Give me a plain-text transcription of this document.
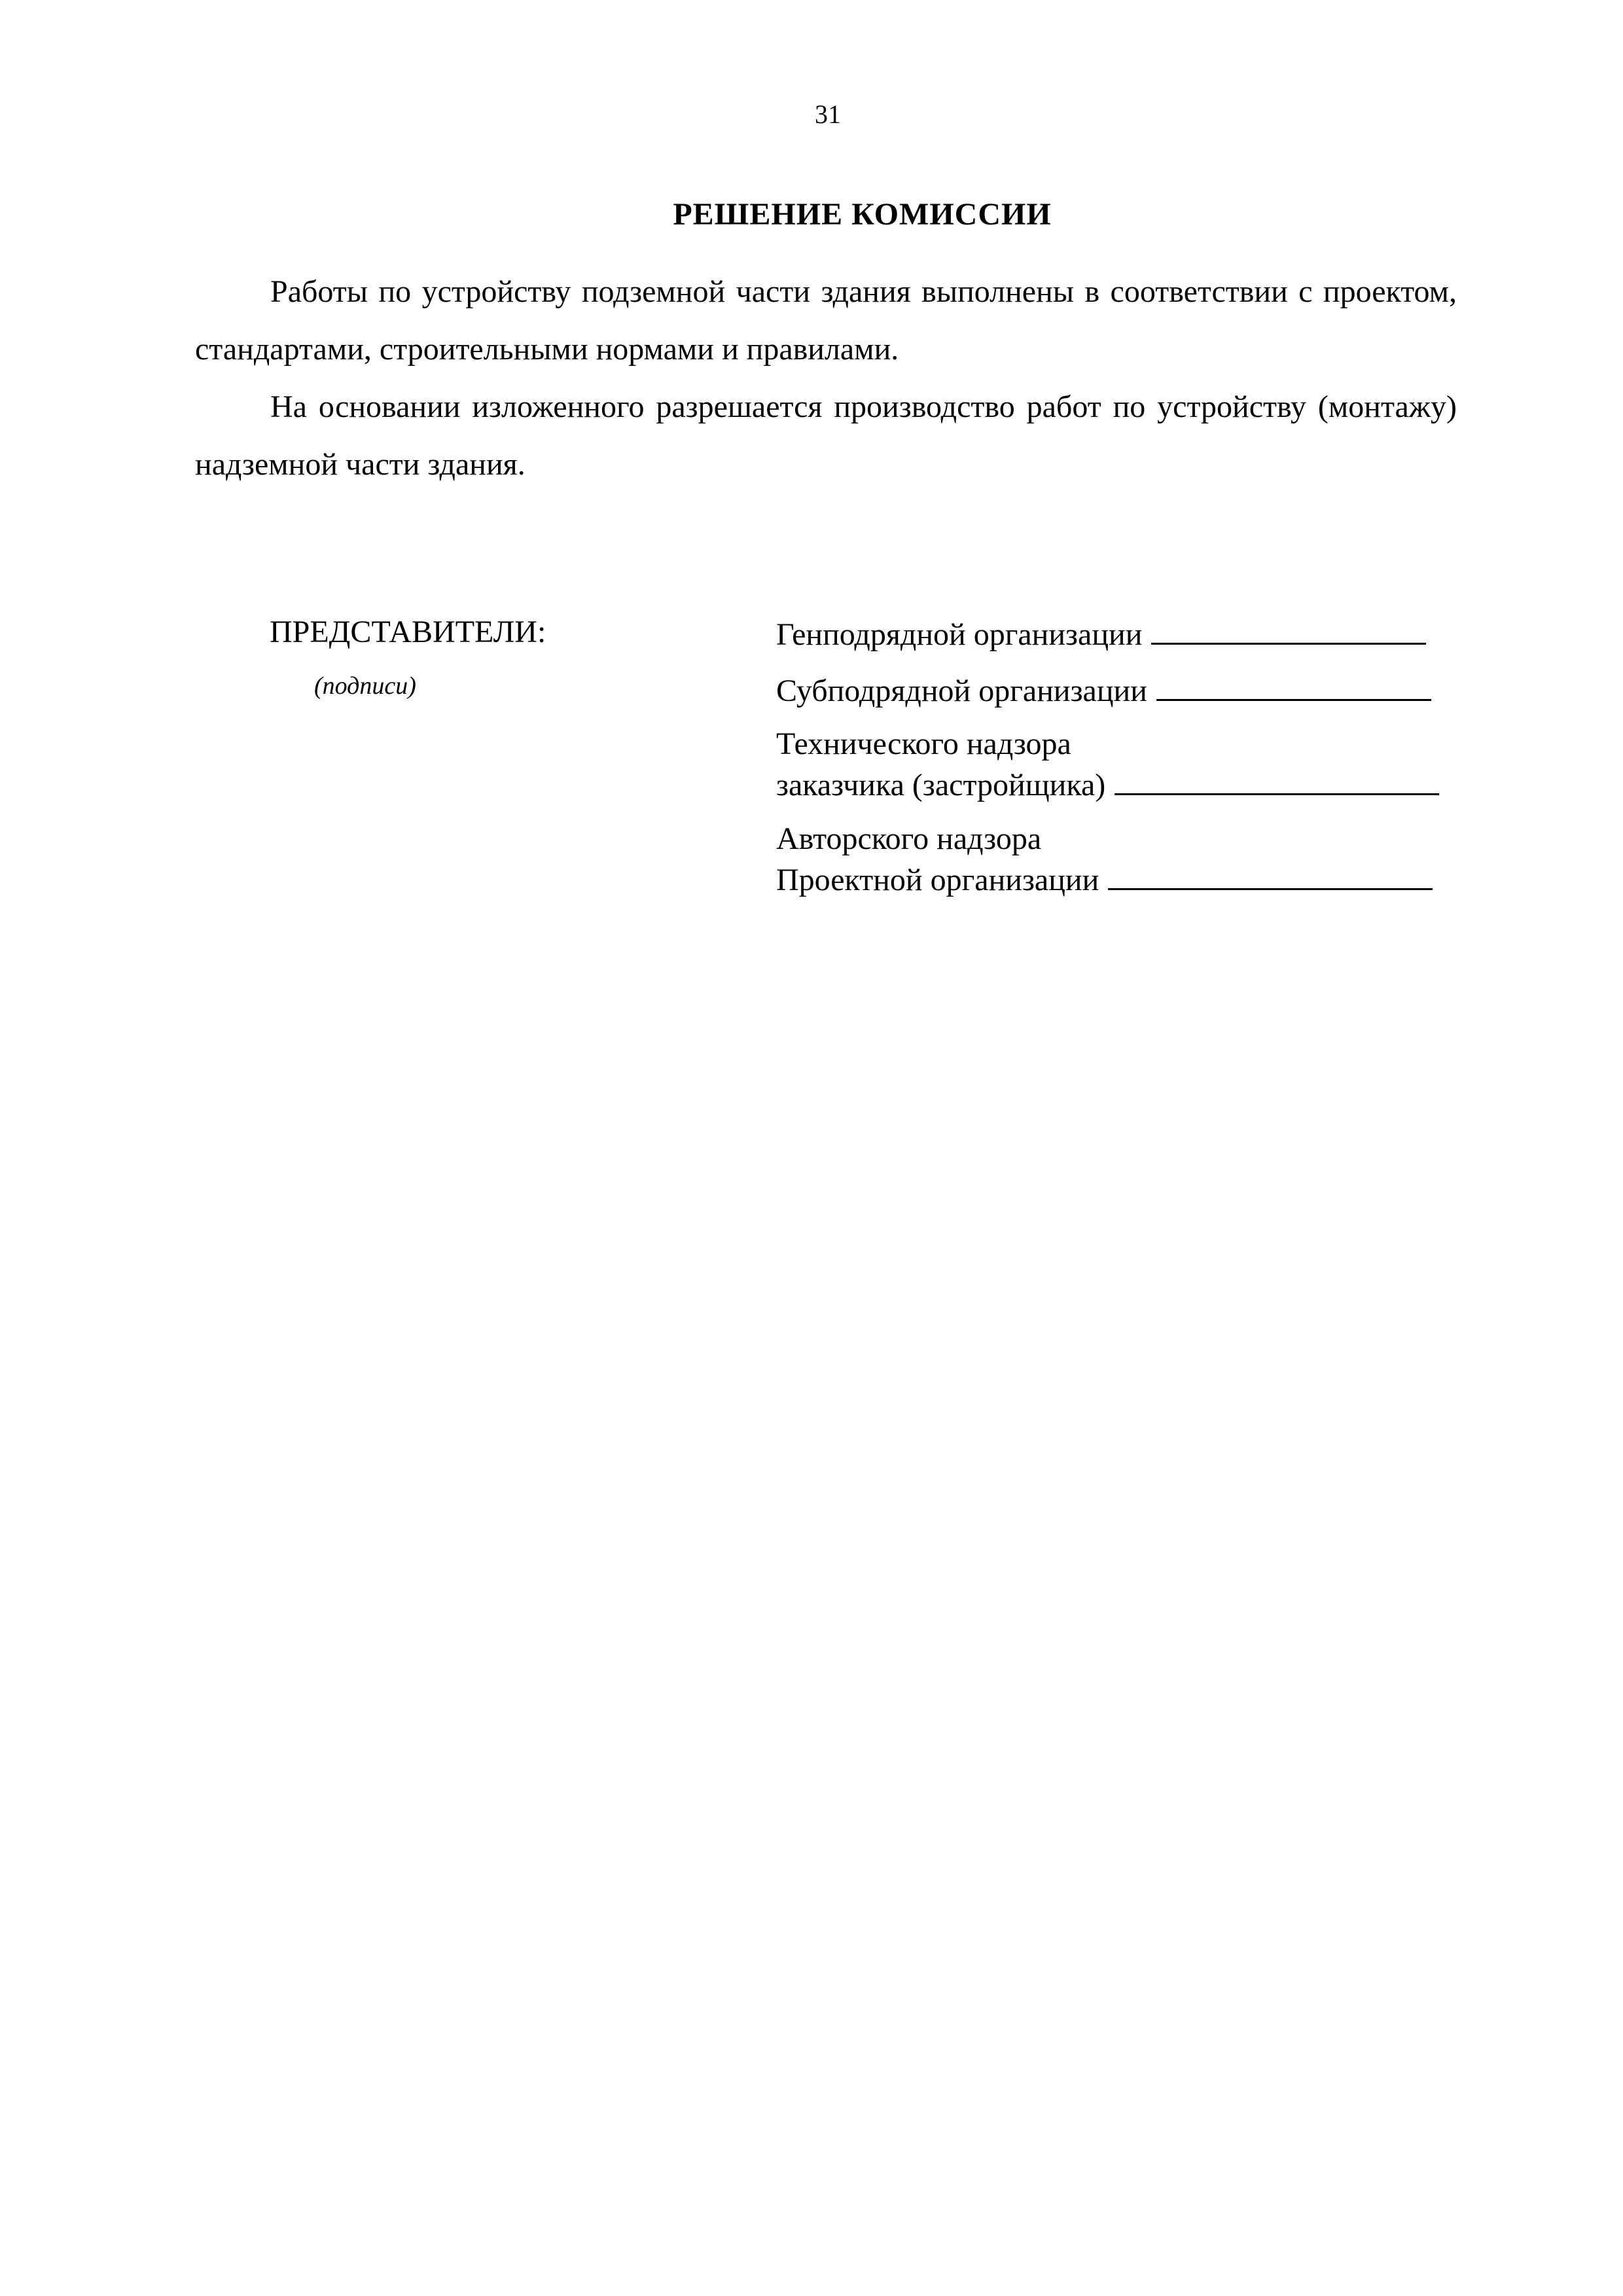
31
РЕШЕНИЕ КОМИССИИ

Работы по устройству подземной части здания выполнены в соответствии с проектом, стандартами, строительными нормами и правилами.

На основании изложенного разрешается производство работ по устройству (монтажу) надземной части здания.

ПРЕДСТАВИТЕЛИ:
(подписи)
Генподрядной организации
Субподрядной организации
Технического надзора
заказчика (застройщика)
Авторского надзора
Проектной организации
